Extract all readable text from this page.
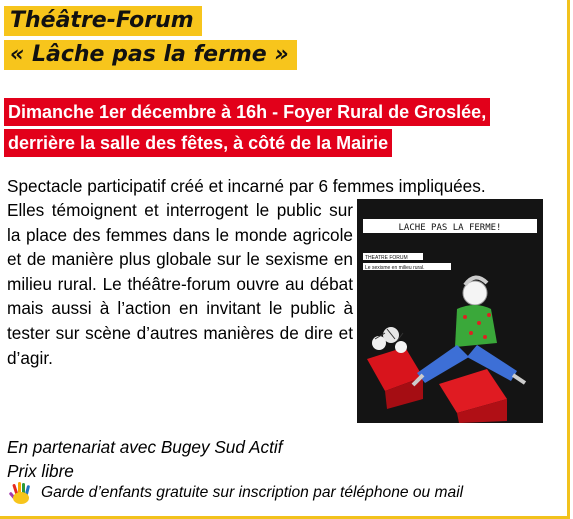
Théâtre-Forum
« Lâche pas la ferme »
Dimanche 1er décembre à 16h - Foyer Rural de Groslée,
derrière la salle des fêtes, à côté de la Mairie
Spectacle participatif créé et incarné par 6 femmes impliquées.
Elles témoignent et interrogent le public sur la place des femmes dans le monde agricole et de manière plus globale sur le sexisme en milieu rural. Le théâtre-forum ouvre au débat mais aussi à l’action en invitant le public à tester sur scène d’autres manières de dire et d’agir.
LACHE PAS LA FERME!
THEATRE FORUM
Le sexisme en milieu rural.
En partenariat avec Bugey Sud Actif
Prix libre
Garde d’enfants gratuite sur inscription par téléphone ou mail
